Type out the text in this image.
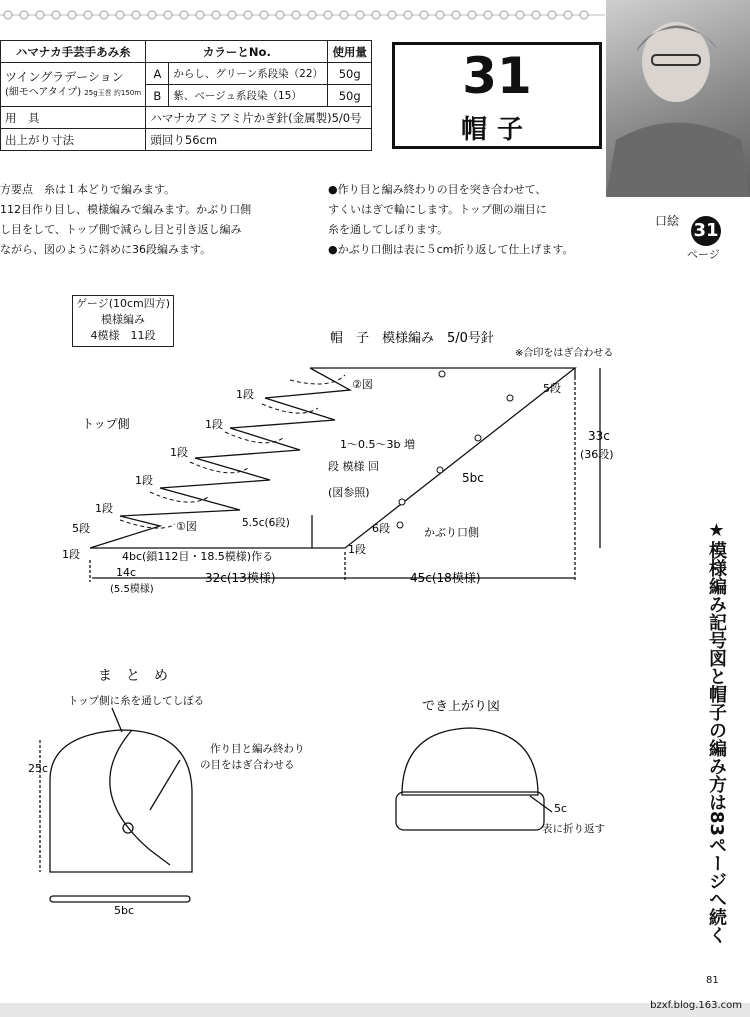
ハマナカ手芸手あみ糸	カラーとNo.		使用量

ツイングラデーション
(細モヘアタイプ) 25g玉巻 約150m	A	からし、グリーン系段染（22）	50g
	B	紫、ベージュ系段染（15）	50g
用　具	ハマナカアミアミ片かぎ針(金属製)5/0号		
出上がり寸法	頭回り56cm		
31
帽子
口絵 31
ページ
方要点　糸は１本どりで編みます。
112目作り目し、模様編みで編みます。かぶり口側
し目をして、トップ側で減らし目と引き返し編み
ながら、図のように斜めに36段編みます。
●作り目と編み終わりの目を突き合わせて、
すくいはぎで輪にします。トップ側の端目に
糸を通してしぼります。
●かぶり口側は表に５cm折り返して仕上げます。
ゲージ(10cm四方)
模様編み
4模様　11段	帽　子　模様編み　5/0号針
※合印をはぎ合わせる
トップ側
1段
1段
1段
1段
1段
1段	1段
5段
5段
②図
①図
1～0.5～3b 増
段 模様 回
(図参照)
6段
5.5c(6段)
4bc(鎖112目・18.5模様)作る
33c
(36段)
5bc
かぶり口側
14c
(5.5模様)
32c(13模様)	45c(18模様)
ま　と　め
トップ側に糸を通してしぼる
作り目と編み終わり
の目をはぎ合わせる
25c
5bc
でき上がり図
5c
表に折り返す	★模様編み記号図と帽子の編み方は83ページへ続く
81
bzxf.blog.163.com
